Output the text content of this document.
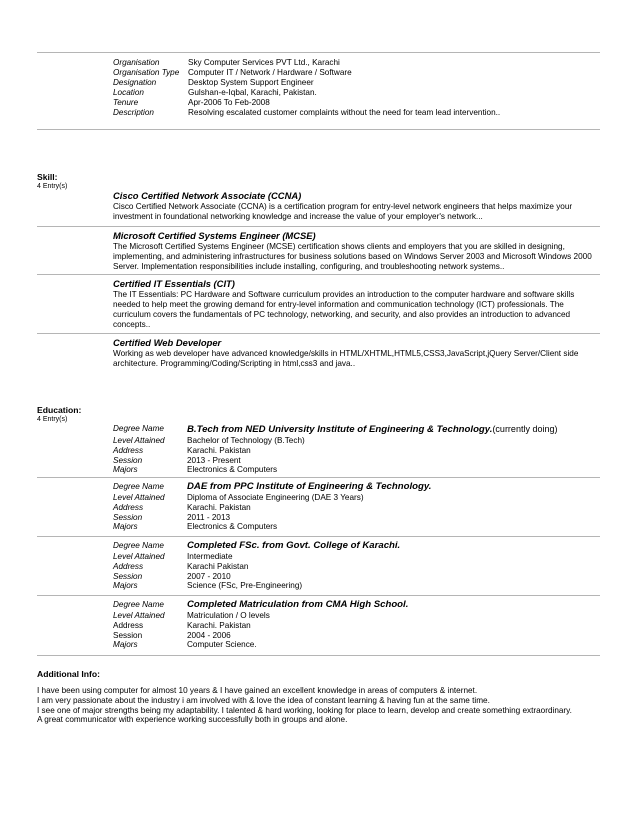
Organisation	Sky Computer Services PVT Ltd., Karachi
Organisation Type	Computer IT / Network / Hardware / Software
Designation	Desktop System Support Engineer
Location	Gulshan-e-Iqbal, Karachi, Pakistan.
Tenure	Apr-2006 To Feb-2008
Description	Resolving escalated customer complaints without the need for team lead intervention..
Skill:
4 Entry(s)
Cisco Certified Network Associate (CCNA)
Cisco Certified Network Associate (CCNA) is a certification program for entry-level network engineers that helps maximize your investment in foundational networking knowledge and increase the value of your employer's network...
Microsoft Certified Systems Engineer (MCSE)
The Microsoft Certified Systems Engineer (MCSE) certification shows clients and employers that you are skilled in designing, implementing, and administering infrastructures for business solutions based on Windows Server 2003 and Microsoft Windows 2000 Server. Implementation responsibilities include installing, configuring, and troubleshooting network systems..
Certified IT Essentials (CIT)
The IT Essentials: PC Hardware and Software curriculum provides an introduction to the computer hardware and software skills needed to help meet the growing demand for entry-level information and communication technology (ICT) professionals. The curriculum covers the fundamentals of PC technology, networking, and security, and also provides an introduction to advanced concepts..
Certified Web Developer
Working as web developer have advanced knowledge/skills in HTML/XHTML,HTML5,CSS3,JavaScript,jQuery Server/Client side architecture. Programming/Coding/Scripting in html,css3 and java..
Education:
4 Entry(s)
Degree Name	B.Tech from NED University Institute of Engineering & Technology.(currently doing)
Level Attained	Bachelor of Technology (B.Tech)
Address	Karachi. Pakistan
Session	2013 - Present
Majors	Electronics & Computers
Degree Name	DAE from PPC Institute of Engineering & Technology.
Level Attained	Diploma of Associate Engineering (DAE 3 Years)
Address	Karachi. Pakistan
Session	2011 - 2013
Majors	Electronics & Computers
Degree Name	Completed FSc. from Govt. College of Karachi.
Level Attained	Intermediate
Address	Karachi Pakistan
Session	2007 - 2010
Majors	Science (FSc, Pre-Engineering)
Degree Name	Completed Matriculation from CMA High School.
Level Attained	Matriculation / O levels
Address	Karachi. Pakistan
Session	2004 - 2006
Majors	Computer Science.
Additional Info:

I have been using computer for almost 10 years & I have gained an excellent knowledge in areas of computers & internet.

I am very passionate about the industry i am involved with & love the idea of constant learning & having fun at the same time.

I see one of major strengths being my adaptability. I talented & hard working, looking for place to learn, develop and create something extraordinary.

A great communicator with experience working successfully both in groups and alone.
